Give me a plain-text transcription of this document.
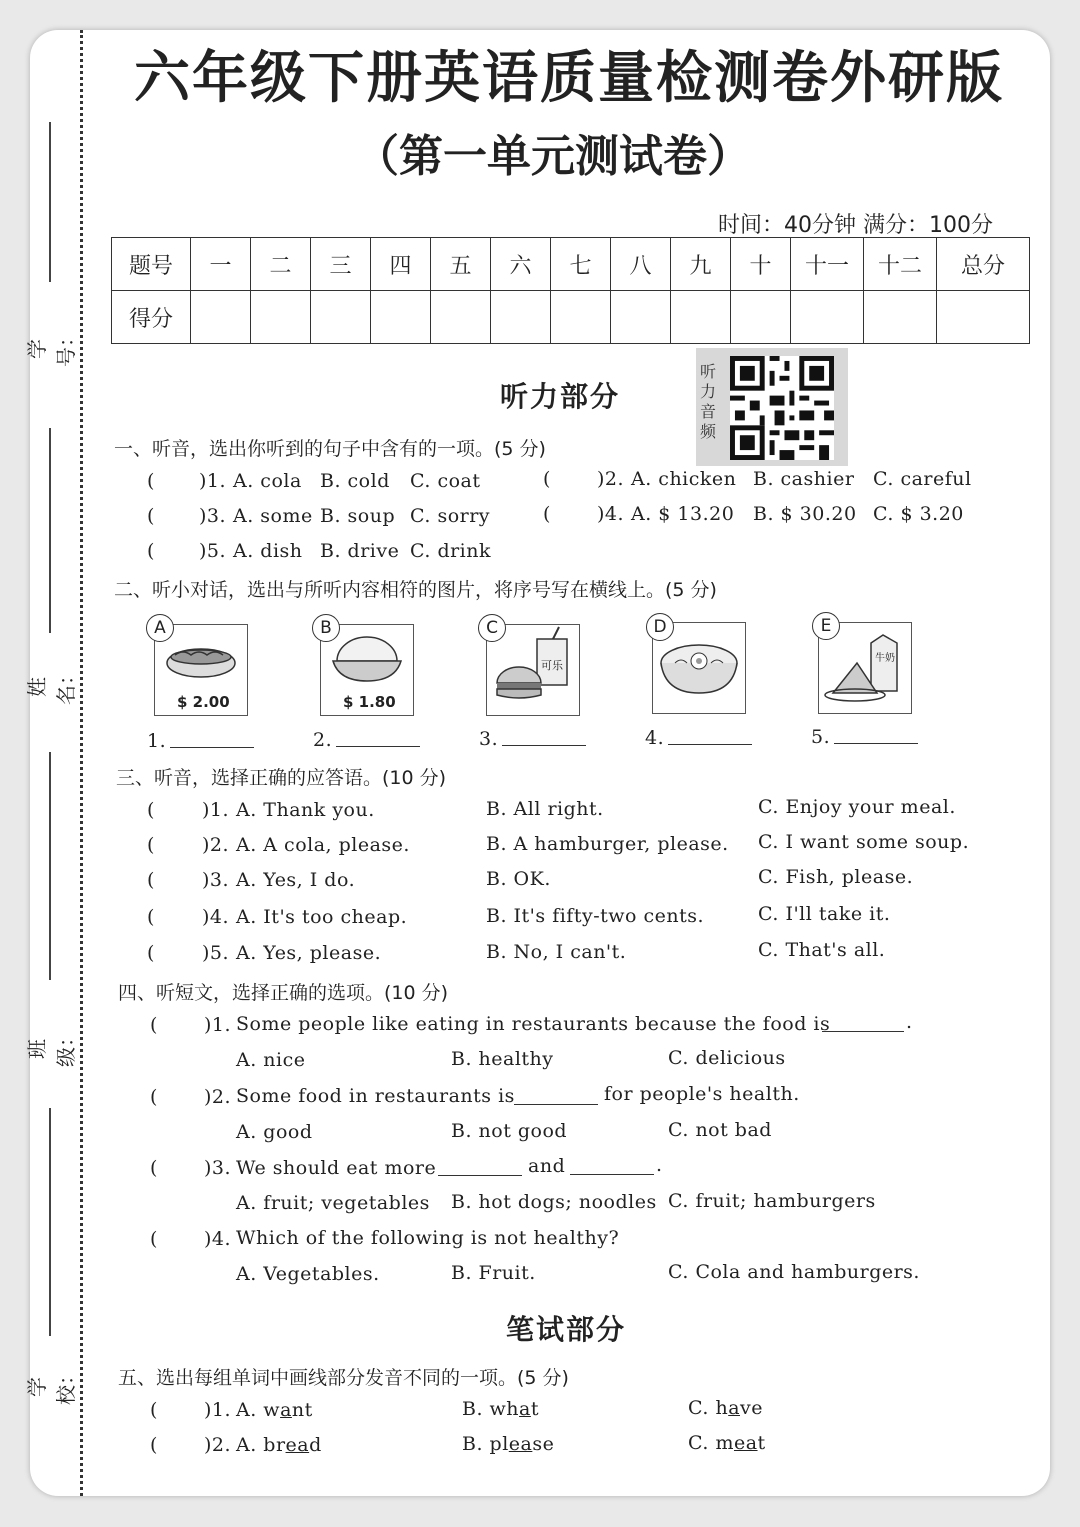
学号：
姓名：
班级：
学校：
六年级下册英语质量检测卷外研版
（第一单元测试卷）
时间：40分钟 满分：100分
题号	一	二	三	四	五	六	七	八	九	十	十一	十二	总分
得分													
听力音频
听力部分
一、听音，选出你听到的句子中含有的一项。(5 分)
( )1. A. cola B. cold C. coat	( )2. A. chicken B. cashier C. careful
( )3. A. some B. soup C. sorry	( )4. A. $ 13.20 B. $ 30.20 C. $ 3.20
( )5. A. dish B. drive C. drink
二、听小对话，选出与所听内容相符的图片，将序号写在横线上。(5 分)
$ 2.00
A
$ 1.80
B
可乐
C	D
牛奶
E
1.	2.	3.	4.	5.
三、听音，选择正确的应答语。(10 分)
( )1. A. Thank you.	B. All right.	C. Enjoy your meal.
( )2. A. A cola, please.	B. A hamburger, please. C. I want some soup.
( )3. A. Yes, I do.	B. OK.	C. Fish, please.
( )4. A. It's too cheap.	B. It's fifty-two cents.	C. I'll take it.
( )5. A. Yes, please.	B. No, I can't.	C. That's all.
四、听短文，选择正确的选项。(10 分)
( )1. Some people like eating in restaurants because the food is	.
A. nice	B. healthy	C. delicious
( )2. Some food in restaurants is	for people's health.
A. good	B. not good	C. not bad
( )3. We should eat more	and	.
A. fruit; vegetables B. hot dogs; noodles C. fruit; hamburgers
( )4. Which of the following is not healthy?
A. Vegetables.	B. Fruit.	C. Cola and hamburgers.
笔试部分
五、选出每组单词中画线部分发音不同的一项。(5 分)
( )1. A. want	B. what	C. have
( )2. A. bread	B. please	C. meat
